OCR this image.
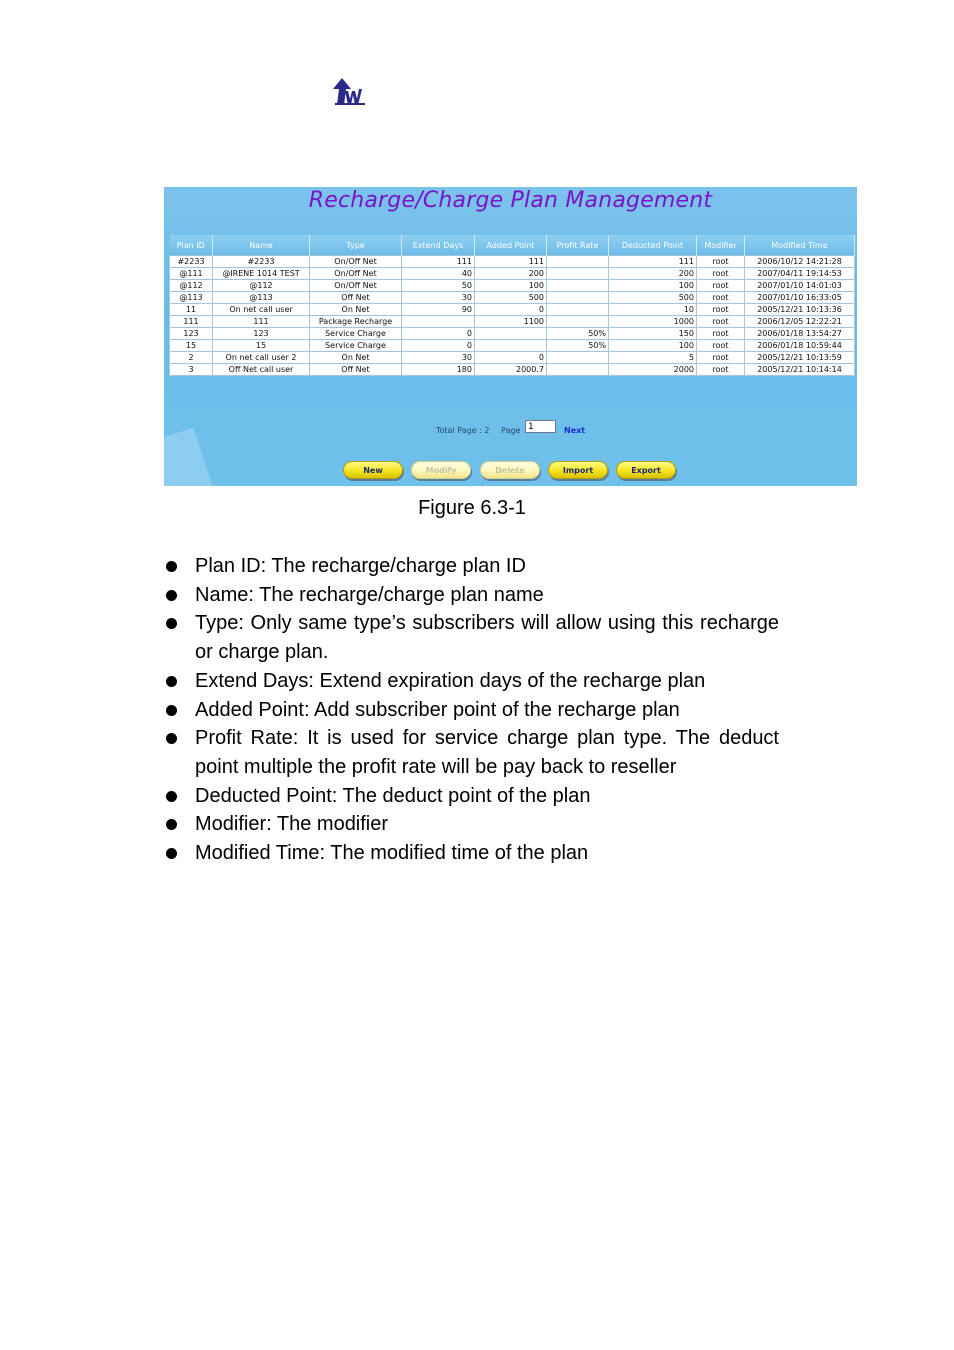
Recharge/Charge Plan Management
Plan ID	Name	Type	Extend Days	Added Point	Profit Rate	Deducted Point	Modifier	Modified Time
#2233	#2233	On/Off Net	111	111		111	root	2006/10/12 14:21:28
@111	@IRENE 1014 TEST	On/Off Net	40	200		200	root	2007/04/11 19:14:53
@112	@112	On/Off Net	50	100		100	root	2007/01/10 14:01:03
@113	@113	Off Net	30	500		500	root	2007/01/10 16:33:05
11	On net call user	On Net	90	0		10	root	2005/12/21 10:13:36
111	111	Package Recharge		1100		1000	root	2006/12/05 12:22:21
123	123	Service Charge	0		50%	150	root	2006/01/18 13:54:27
15	15	Service Charge	0		50%	100	root	2006/01/18 10:59:44
2	On net call user 2	On Net	30	0		5	root	2005/12/21 10:13:59
3	Off Net call user	Off Net	180	2000.7		2000	root	2005/12/21 10:14:14
Total Page : 2 Page
1	Next
New	Modify	Delete	Import	Export
Figure 6.3-1
Plan ID: The recharge/charge plan ID
Name: The recharge/charge plan name
Type: Only same type’s subscribers will allow using this recharge or charge plan.
Extend Days: Extend expiration days of the recharge plan
Added Point: Add subscriber point of the recharge plan
Profit Rate: It is used for service charge plan type. The deduct point multiple the profit rate will be pay back to reseller
Deducted Point: The deduct point of the plan
Modifier: The modifier
Modified Time: The modified time of the plan
